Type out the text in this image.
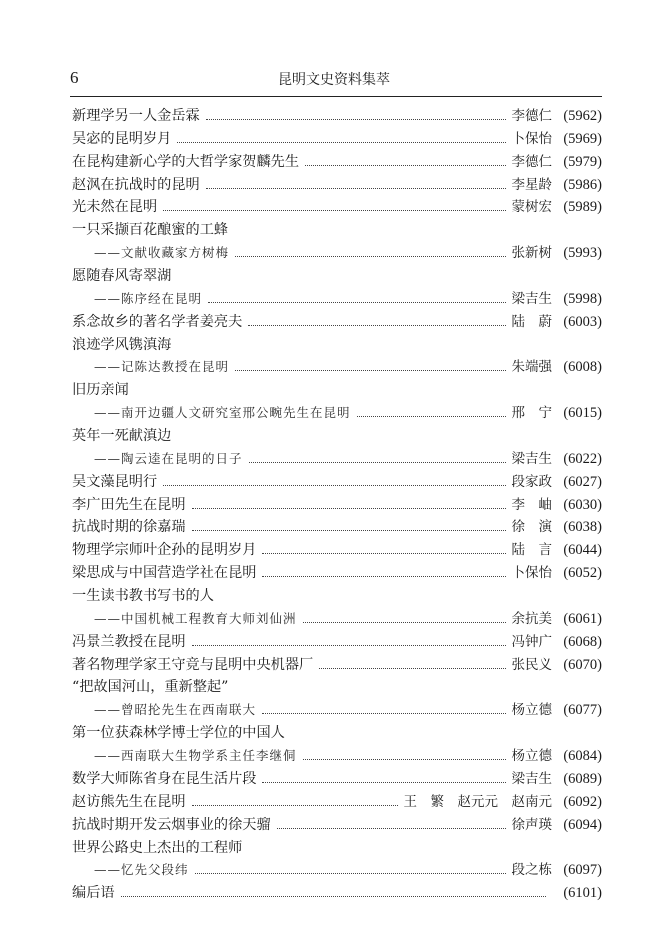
6	昆明文史资料集萃
新理学另一人金岳霖	李德仁 (5962)
吴宓的昆明岁月	卜保怡 (5969)
在昆构建新心学的大哲学家贺麟先生	李德仁 (5979)
赵沨在抗战时的昆明	李星龄 (5986)
光未然在昆明	蒙树宏 (5989)
一只采撷百花酿蜜的工蜂
——文献收藏家方树梅	张新树 (5993)
愿随春风寄翠湖
——陈序经在昆明	梁吉生 (5998)
系念故乡的著名学者姜亮夫	陆　蔚 (6003)
浪迹学风镌滇海
——记陈达教授在昆明	朱端强 (6008)
旧历亲闻
——南开边疆人文研究室邢公畹先生在昆明	邢　宁 (6015)
英年一死献滇边
——陶云逵在昆明的日子	梁吉生 (6022)
吴文藻昆明行	段家政 (6027)
李广田先生在昆明	李　岫 (6030)
抗战时期的徐嘉瑞	徐　演 (6038)
物理学宗师叶企孙的昆明岁月	陆　言 (6044)
梁思成与中国营造学社在昆明	卜保怡 (6052)
一生读书教书写书的人
——中国机械工程教育大师刘仙洲	余抗美 (6061)
冯景兰教授在昆明	冯钟广 (6068)
著名物理学家王守竞与昆明中央机器厂	张民义 (6070)
“把故国河山，重新整起”
——曾昭抡先生在西南联大	杨立德 (6077)
第一位获森林学博士学位的中国人
——西南联大生物学系主任李继侗	杨立德 (6084)
数学大师陈省身在昆生活片段	梁吉生 (6089)
赵访熊先生在昆明	王　繁　赵元元　赵南元 (6092)
抗战时期开发云烟事业的徐天骝	徐声瑛 (6094)
世界公路史上杰出的工程师
——忆先父段纬	段之栋 (6097)
编后语	(6101)
